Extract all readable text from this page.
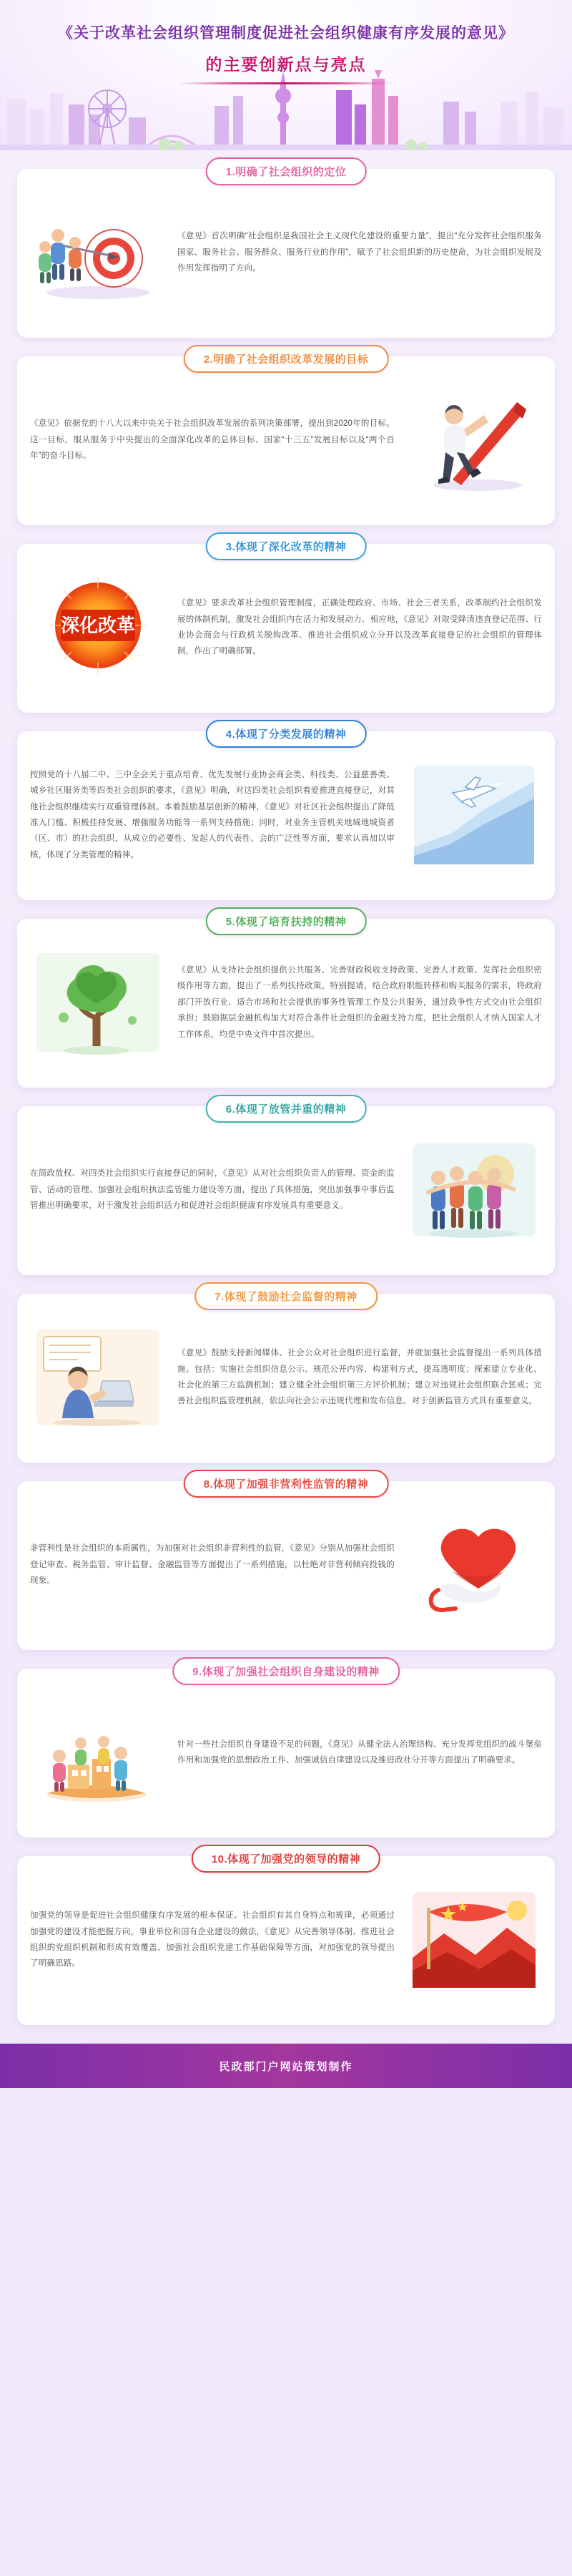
《关于改革社会组织管理制度促进社会组织健康有序发展的意见》
的主要创新点与亮点
1.明确了社会组织的定位
《意见》首次明确“社会组织是我国社会主义现代化建设的重要力量”，提出“充分发挥社会组织服务国家、服务社会、服务群众、服务行业的作用”，赋予了社会组织新的历史使命，为社会组织发展及作用发挥指明了方向。
2.明确了社会组织改革发展的目标
《意见》依据党的十八大以来中央关于社会组织改革发展的系列决策部署，提出到2020年的目标。这一目标，服从服务于中央提出的全面深化改革的总体目标、国家“十三五”发展目标以及“两个百年”的奋斗目标。
3.体现了深化改革的精神
深化改革
《意见》要求改革社会组织管理制度，正确处理政府、市场、社会三者关系，改革制约社会组织发展的体制机制，激发社会组织内在活力和发展动力。相应地，《意见》对取受降清违直登记范围、行业协会商会与行政机关脱钩改革、推进社会组织成立分开以及改革直接登记的社会组织的管理体制，作出了明确部署。
4.体现了分类发展的精神
按照党的十八届二中、三中全会关于重点培育、优先发展行业协会商会类、科技类、公益慈善类、城乡社区服务类等四类社会组织的要求，《意见》明确，对这四类社会组织着爱推进直接登记，对其他社会组织继续实行双重管理体制。本着鼓励基层创新的精神，《意见》对社区社会组织提出了降低准入门槛、积极挂持发展、增强服务功能等一系列支持措施；同时，对业务主管机关地域地城资者（区、市）的社会组织，从成立的必要性、发起人的代表性、会的广泛性等方面，要求认真加以审核，体现了分类管理的精神。
5.体现了培育扶持的精神
《意见》从支持社会组织提供公共服务、完善财政税收支持政策、完善人才政策、发挥社会组织密级作用等方面，提出了一系列扶持政策。特别提请，结合政府职能转移和购买服务的需求，将政府部门开放行业、适合市场和社会提供的事务性管理工作及公共服务，通过政争性方式交由社会组织承担；鼓励据层金融机构加大对符合条件社会组织的金融支持力度，把社会组织人才纳入国家人才工作体系，均是中央文件中首次提出。
6.体现了放管并重的精神
在简政放权、对四类社会组织实行直接登记的同时，《意见》从对社会组织负责人的管理、资金的监管、活动的管理、加强社会组织执法监管能力建设等方面，提出了具体措施，突出加强事中事后监管推出明确要求，对于激发社会组织活力和促进社会组织健康有序发展具有重要意义。
7.体现了鼓励社会监督的精神
《意见》鼓励支持新闻媒体、社会公众对社会组织进行监督，并就加强社会监督提出一系列具体措施。包括：实施社会组织信息公示、规范公开内容、构建利方式，提高透明度；探索建立专业化、社会化的第三方监测机制；建立健全社会组织第三方评价机制；建立对违规社会组织联合惩戒；完善社会组织监管理机制，依法向社会公示违规代理和发布信息。对于创新监管方式具有重要意义。
8.体现了加强非营利性监管的精神
非营利性是社会组织的本质属性，为加强对社会组织非营利性的监管，《意见》分别从加强社会组织登记审查、税务监管、审计监督、金融监管等方面提出了一系列措施，以杜绝对非营利倾向投钱的现象。
9.体现了加强社会组织自身建设的精神
针对一些社会组织自身建设不足的问题，《意见》从健全法人治理结构、充分发挥党组织的战斗堡垒作用和加强党的思想政治工作、加强诚信自律建设以及推进政社分开等方面提出了明确要求。
10.体现了加强党的领导的精神
加强党的领导是促进社会组织健康有序发展的根本保证。社会组织有其自身特点和规律，必须通过加强党的建设才能把握方向。事业单位和国有企业建设的做法，《意见》从完善领导体制、推进社会组织的党组织机制和形成有效覆盖、加强社会组织党建工作基础保障等方面，对加强党的领导提出了明确思路。
民政部门户网站策划制作
